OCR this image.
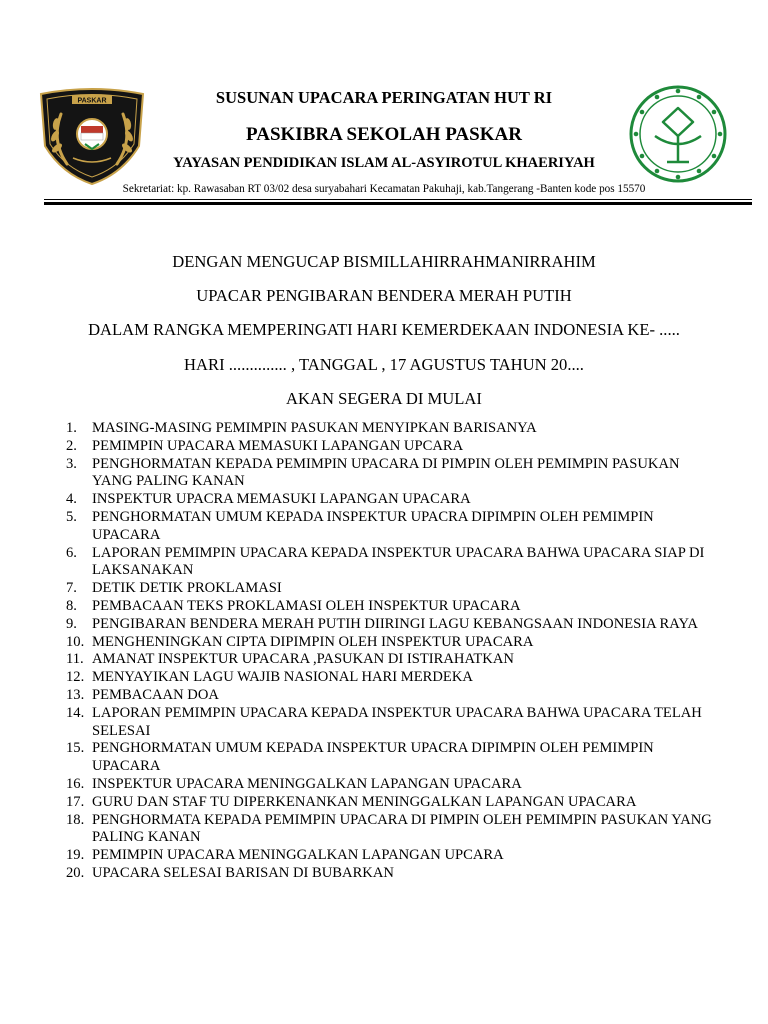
PASKAR	SUSUNAN UPACARA PERINGATAN HUT RI
PASKIBRA SEKOLAH PASKAR
YAYASAN PENDIDIKAN ISLAM AL-ASYIROTUL KHAERIYAH
Sekretariat: kp. Rawasaban RT 03/02 desa suryabahari Kecamatan Pakuhaji, kab.Tangerang -Banten kode pos 15570
DENGAN MENGUCAP BISMILLAHIRRAHMANIRRAHIM
UPACAR PENGIBARAN BENDERA MERAH PUTIH
DALAM RANGKA MEMPERINGATI HARI KEMERDEKAAN INDONESIA KE- .....
HARI .............. , TANGGAL , 17 AGUSTUS TAHUN 20....
AKAN SEGERA DI MULAI
1.	MASING-MASING PEMIMPIN PASUKAN MENYIPKAN BARISANYA
2.	PEMIMPIN UPACARA MEMASUKI LAPANGAN UPCARA
3.	PENGHORMATAN KEPADA PEMIMPIN UPACARA DI PIMPIN OLEH PEMIMPIN PASUKAN YANG PALING KANAN
4.	INSPEKTUR UPACRA MEMASUKI LAPANGAN UPACARA
5.	PENGHORMATAN UMUM KEPADA INSPEKTUR UPACRA DIPIMPIN OLEH PEMIMPIN UPACARA
6.	LAPORAN PEMIMPIN UPACARA KEPADA INSPEKTUR UPACARA BAHWA UPACARA SIAP DI LAKSANAKAN
7.	DETIK DETIK PROKLAMASI
8.	PEMBACAAN TEKS PROKLAMASI OLEH INSPEKTUR UPACARA
9.	PENGIBARAN BENDERA MERAH PUTIH DIIRINGI LAGU KEBANGSAAN INDONESIA RAYA
10. MENGHENINGKAN CIPTA DIPIMPIN OLEH INSPEKTUR UPACARA
11. AMANAT INSPEKTUR UPACARA ,PASUKAN DI ISTIRAHATKAN
12. MENYAYIKAN LAGU WAJIB NASIONAL HARI MERDEKA
13. PEMBACAAN DOA
14. LAPORAN PEMIMPIN UPACARA KEPADA INSPEKTUR UPACARA BAHWA UPACARA TELAH SELESAI
15. PENGHORMATAN UMUM KEPADA INSPEKTUR UPACRA DIPIMPIN OLEH PEMIMPIN UPACARA
16. INSPEKTUR UPACARA MENINGGALKAN LAPANGAN UPACARA
17. GURU DAN STAF TU DIPERKENANKAN MENINGGALKAN LAPANGAN UPACARA
18. PENGHORMATA KEPADA PEMIMPIN UPACARA DI PIMPIN OLEH PEMIMPIN PASUKAN YANG PALING KANAN
19. PEMIMPIN UPACARA MENINGGALKAN LAPANGAN UPCARA
20. UPACARA SELESAI BARISAN DI BUBARKAN
